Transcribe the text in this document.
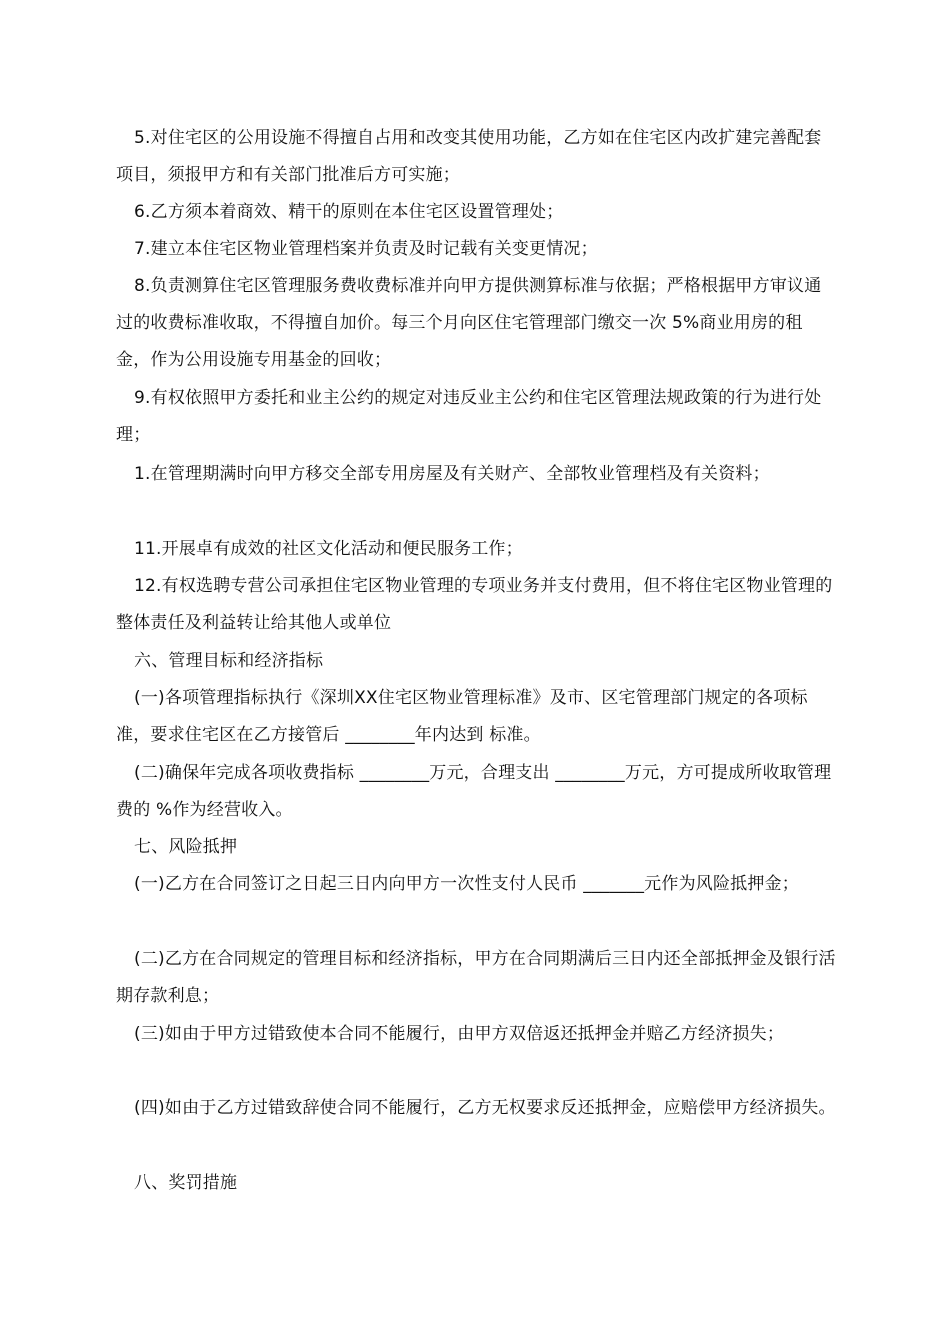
5.对住宅区的公用设施不得擅自占用和改变其使用功能，乙方如在住宅区内改扩建完善配套项目，须报甲方和有关部门批准后方可实施；

6.乙方须本着商效、精干的原则在本住宅区设置管理处；

7.建立本住宅区物业管理档案并负责及时记载有关变更情况；

8.负责测算住宅区管理服务费收费标准并向甲方提供测算标准与依据；严格根据甲方审议通过的收费标准收取，不得擅自加价。每三个月向区住宅管理部门缴交一次 5%商业用房的租金，作为公用设施专用基金的回收；

9.有权依照甲方委托和业主公约的规定对违反业主公约和住宅区管理法规政策的行为进行处理；

1.在管理期满时向甲方移交全部专用房屋及有关财产、全部牧业管理档及有关资料；

11.开展卓有成效的社区文化活动和便民服务工作；

12.有权选聘专营公司承担住宅区物业管理的专项业务并支付费用，但不将住宅区物业管理的整体责任及利益转让给其他人或单位

六、管理目标和经济指标

(一)各项管理指标执行《深圳XX住宅区物业管理标准》及市、区宅管理部门规定的各项标准，要求住宅区在乙方接管后 ________年内达到 标准。

(二)确保年完成各项收费指标 ________万元，合理支出 ________万元，方可提成所收取管理费的 %作为经营收入。

七、风险抵押

(一)乙方在合同签订之日起三日内向甲方一次性支付人民币 _______元作为风险抵押金；

(二)乙方在合同规定的管理目标和经济指标，甲方在合同期满后三日内还全部抵押金及银行活期存款利息；

(三)如由于甲方过错致使本合同不能履行，由甲方双倍返还抵押金并赔乙方经济损失；

(四)如由于乙方过错致辞使合同不能履行，乙方无权要求反还抵押金，应赔偿甲方经济损失。

八、奖罚措施
